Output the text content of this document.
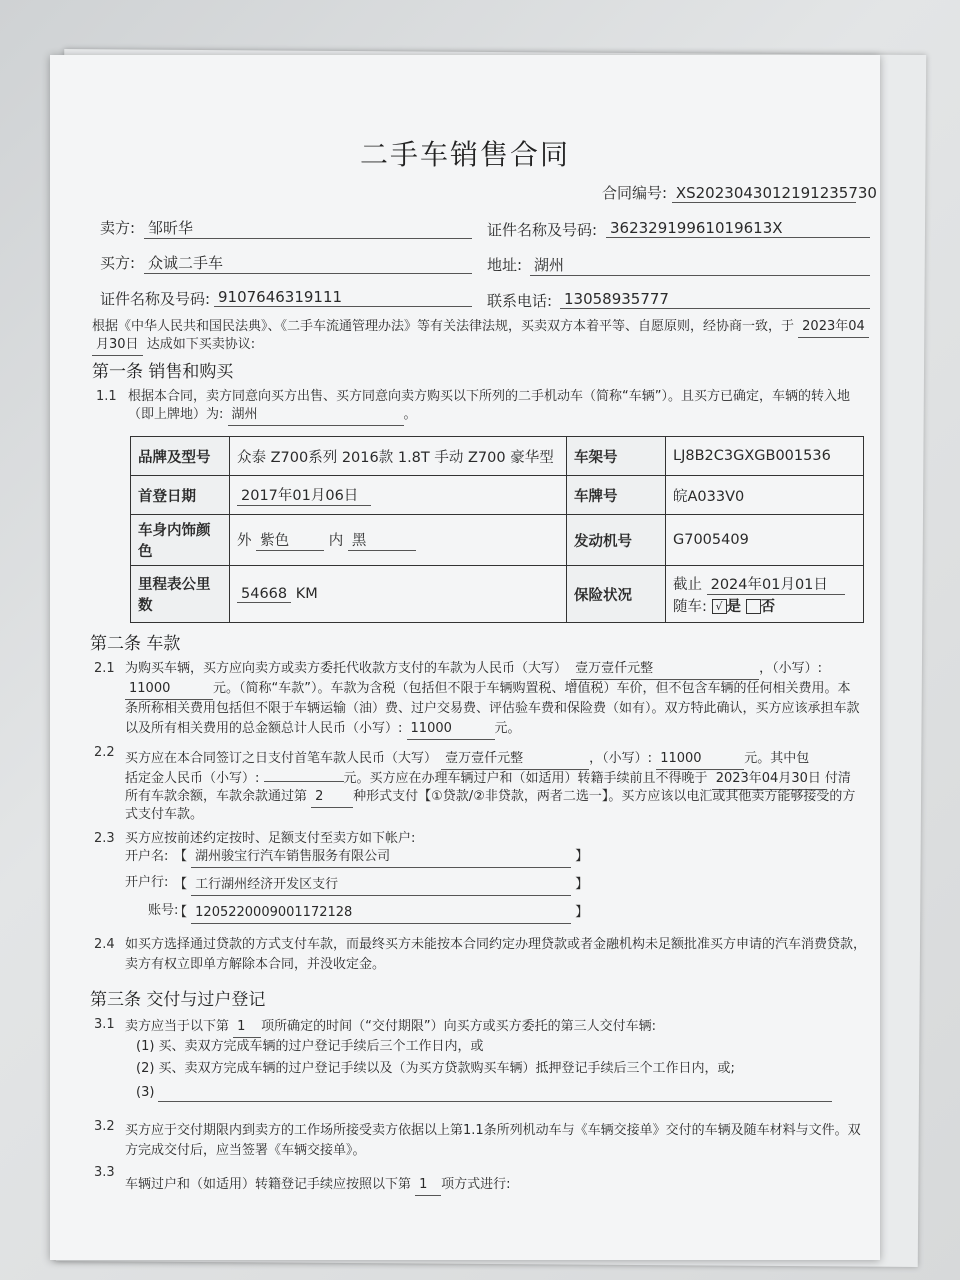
二手车销售合同
合同编号: XS2023043012191235730
卖方: 邹昕华	证件名称及号码: 36232919961019613X
买方: 众诚二手车	地址: 湖州
证件名称及号码: 9107646319111	联系电话: 13058935777
根据《中华人民共和国民法典》、《二手车流通管理办法》等有关法律法规，买卖双方本着平等、自愿原则，经协商一致，于 2023年04
月30日 达成如下买卖协议:
第一条 销售和购买
1.1 根据本合同，卖方同意向买方出售、买方同意向卖方购买以下所列的二手机动车（简称“车辆”）。且买方已确定，车辆的转入地
（即上牌地）为: 湖州	。
品牌及型号	众泰 Z700系列 2016款 1.8T 手动 Z700 豪华型	车架号	LJ8B2C3GXGB001536
首登日期	2017年01月06日	车牌号	皖A033V0
车身内饰颜色	外 紫色 内 黑	发动机号	G7005409
里程表公里数	54668 KM	保险状况	截止 2024年01月01日
随车: √ 是 否
第二条 车款
2.1 为购买车辆，买方应向卖方或卖方委托代收款方支付的车款为人民币（大写） 壹万壹仟元整	，（小写）:
11000	元。（简称“车款”）。车款为含税（包括但不限于车辆购置税、增值税）车价，但不包含车辆的任何相关费用。本
条所称相关费用包括但不限于车辆运输（油）费、过户交易费、评估验车费和保险费（如有）。双方特此确认，买方应该承担车款
以及所有相关费用的总金额总计人民币（小写）: 11000	元。
2.2 买方应在本合同签订之日支付首笔车款人民币（大写） 壹万壹仟元整	，（小写）: 11000	元。其中包
括定金人民币（小写）:	元。买方应在办理车辆过户和（如适用）转籍手续前且不得晚于 2023年04月30日 付清
所有车款余额，车款余款通过第 2 种形式支付【①贷款/②非贷款，两者二选一】。买方应该以电汇或其他卖方能够接受的方
式支付车款。
2.3 买方应按前述约定按时、足额支付至卖方如下帐户:
开户名: 【 湖州骏宝行汽车销售服务有限公司	】
开户行: 【 工行湖州经济开发区支行	】
账号:
【 1205220009001172128	】
2.4 如买方选择通过贷款的方式支付车款，而最终买方未能按本合同约定办理贷款或者金融机构未足额批准买方申请的汽车消费贷款，
卖方有权立即单方解除本合同，并没收定金。
第三条 交付与过户登记
3.1 卖方应当于以下第 1 项所确定的时间（“交付期限”）向买方或买方委托的第三人交付车辆:
(1) 买、卖双方完成车辆的过户登记手续后三个工作日内，或
(2) 买、卖双方完成车辆的过户登记手续以及（为买方贷款购买车辆）抵押登记手续后三个工作日内，或;
(3)
3.2 买方应于交付期限内到卖方的工作场所接受卖方依据以上第1.1条所列机动车与《车辆交接单》交付的车辆及随车材料与文件。双
方完成交付后，应当签署《车辆交接单》。
3.3
车辆过户和（如适用）转籍登记手续应按照以下第 1 项方式进行:
